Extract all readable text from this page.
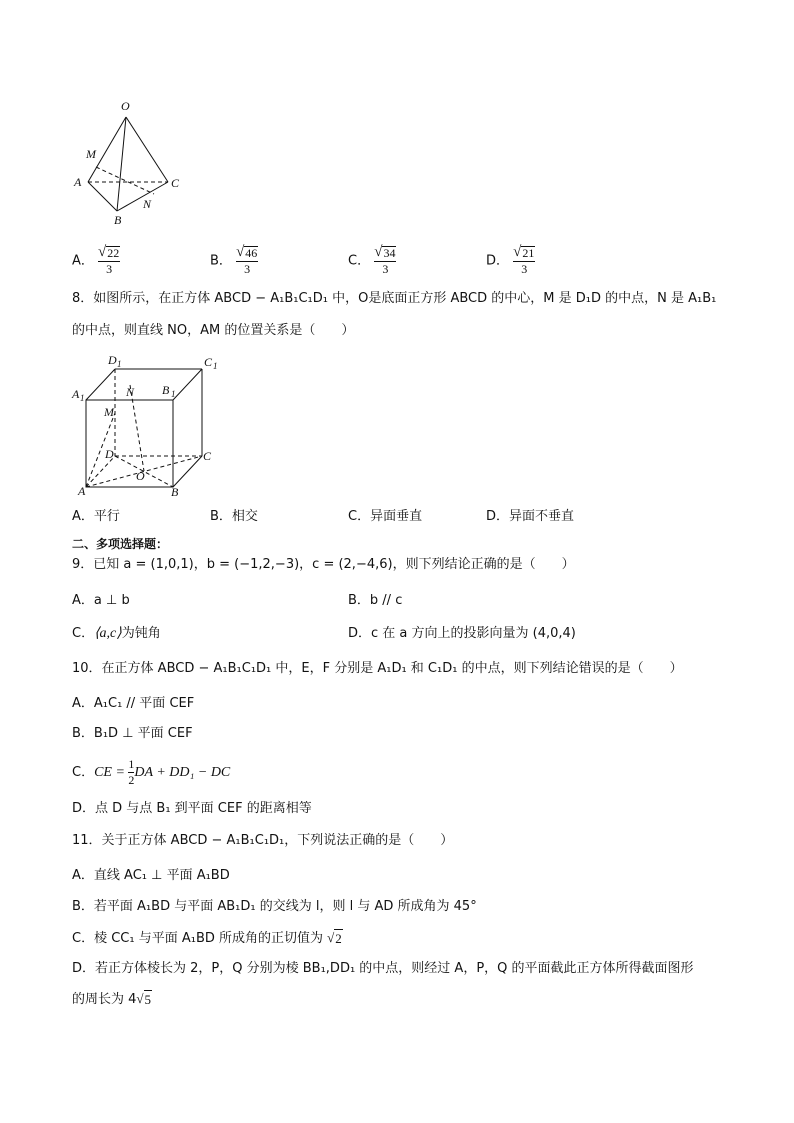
O
M
A	C
N
B
A． $\frac{√ 22}{3}$	B． $\frac{√ 46}{3}$	C． $\frac{√ 34}{3}$	D． $\frac{√ 21}{3}$
8．如图所示，在正方体 ABCD − A₁B₁C₁D₁ 中，O是底面正方形 ABCD 的中心，M 是 D₁D 的中点，N 是 A₁B₁
的中点，则直线 NO，AM 的位置关系是（　　）
D 1	C 1
A 1
B 1
N
M
D	C
O
A	B
A．平行	B．相交	C．异面垂直	D．异面不垂直
二、多项选择题：
9．已知 a = (1,0,1)，b = (−1,2,−3)，c = (2,−4,6)，则下列结论正确的是（　　）
A．a ⊥ b	B．b // c
C．⟨a,c⟩为钝角	D．c 在 a 方向上的投影向量为 (4,0,4)
10．在正方体 ABCD − A₁B₁C₁D₁ 中，E，F 分别是 A₁D₁ 和 C₁D₁ 的中点，则下列结论错误的是（　　）
A．A₁C₁ // 平面 CEF
B．B₁D ⊥ 平面 CEF
C．CE = $\frac{1}{2}$ DA + DD₁ − DC
D．点 D 与点 B₁ 到平面 CEF 的距离相等
11．关于正方体 ABCD − A₁B₁C₁D₁，下列说法正确的是（　　）
A．直线 AC₁ ⊥ 平面 A₁BD
B．若平面 A₁BD 与平面 AB₁D₁ 的交线为 l，则 l 与 AD 所成角为 45°
C．棱 CC₁ 与平面 A₁BD 所成角的正切值为 √ 2
D．若正方体棱长为 2，P，Q 分别为棱 BB₁,DD₁ 的中点，则经过 A，P，Q 的平面截此正方体所得截面图形
的周长为 4 √ 5
